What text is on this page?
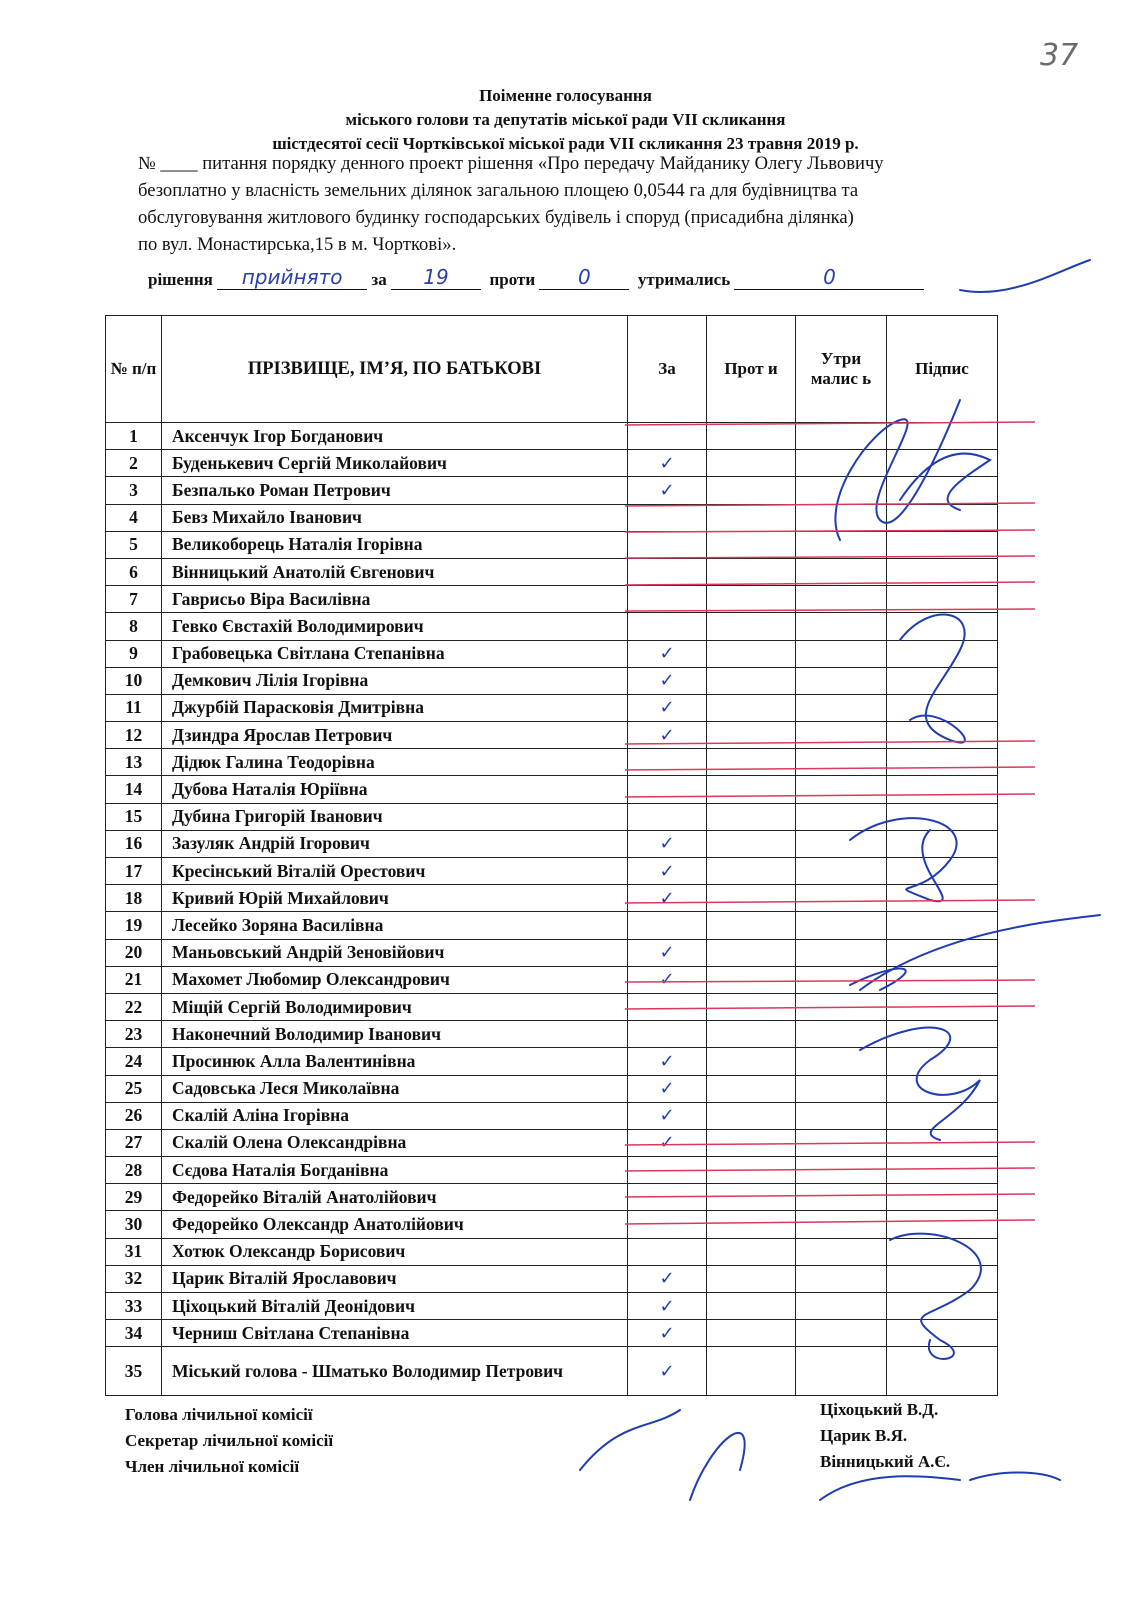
37
Поіменне голосування
міського голови та депутатів міської ради VІІ скликання
шістдесятої сесії Чортківської міської ради VІІ скликання 23 травня 2019 р.
№ ____ питання порядку денного проект рішення «Про передачу Майданику Олегу Львовичу
безоплатно у власність земельних ділянок загальною площею 0,0544 га для будівництва та
обслуговування житлового будинку господарських будівель і споруд (присадибна ділянка)
по вул. Монастирська,15 в м. Чорткові».
рішення прийнято за 19 проти 0	утримались	0
№ п/п	ПРІЗВИЩЕ, ІМ’Я, ПО БАТЬКОВІ	За	Прот и	Утри малис ь	Підпис
1	Аксенчук Ігор Богданович				
2	Буденькевич Сергій Миколайович	✓			
3	Безпалько Роман Петрович	✓			
4	Бевз Михайло Іванович				
5	Великоборець Наталія Ігорівна				
6	Вінницький Анатолій Євгенович				
7	Гаврисьо Віра Василівна				
8	Гевко Євстахій Володимирович				
9	Грабовецька Світлана Степанівна	✓			
10	Демкович Лілія Ігорівна	✓			
11	Джурбій Парасковія Дмитрівна	✓			
12	Дзиндра Ярослав Петрович	✓			
13	Дідюк Галина Теодорівна				
14	Дубова Наталія Юріївна				
15	Дубина Григорій Іванович				
16	Зазуляк Андрій Ігорович	✓			
17	Кресінський Віталій Орестович	✓			
18	Кривий Юрій Михайлович	✓			
19	Лесейко Зоряна Василівна				
20	Маньовський Андрій Зеновійович	✓			
21	Махомет Любомир Олександрович	✓			
22	Міщій Сергій Володимирович				
23	Наконечний Володимир Іванович				
24	Просинюк Алла Валентинівна	✓			
25	Садовська Леся Миколаївна	✓			
26	Скалій Аліна Ігорівна	✓			
27	Скалій Олена Олександрівна	✓			
28	Сєдова Наталія Богданівна				
29	Федорейко Віталій Анатолійович				
30	Федорейко Олександр Анатолійович				
31	Хотюк Олександр Борисович				
32	Царик Віталій Ярославович	✓			
33	Ціхоцький Віталій Деонідович	✓			
34	Черниш Світлана Степанівна	✓			
35	Міський голова - Шматько Володимир Петрович	✓			
Голова лічильної комісії
Секретар лічильної комісії
Член лічильної комісії
Ціхоцький В.Д.
Царик В.Я.
Вінницький А.Є.
